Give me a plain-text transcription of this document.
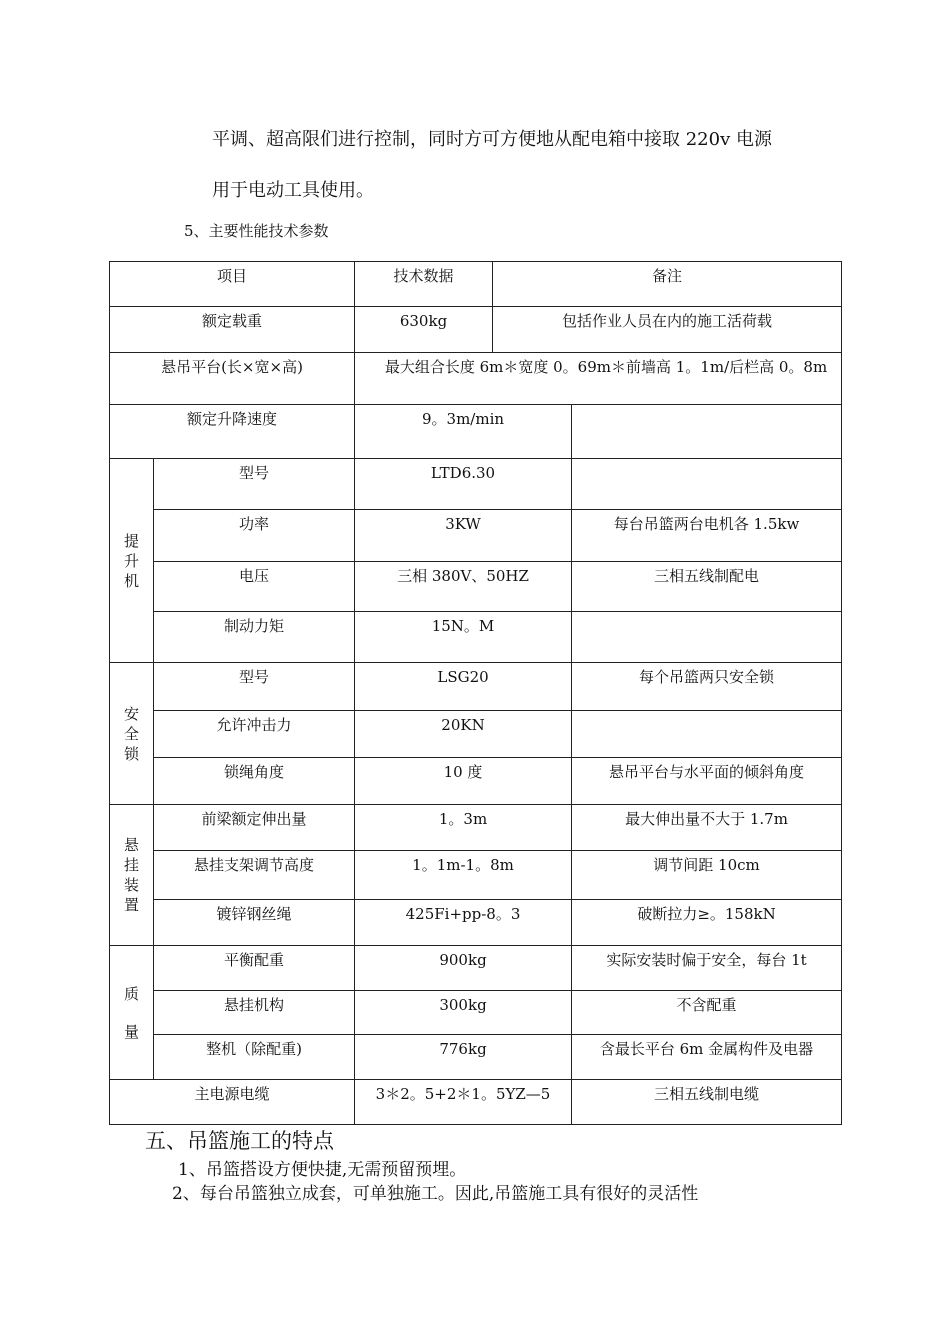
平调、超高限们进行控制，同时方可方便地从配电箱中接取 220v 电源
用于电动工具使用。
5、主要性能技术参数
项目		技术数据	备注	

额定载重		630kg	包括作业人员在内的施工活荷载	

悬吊平台(长×宽×高)		最大组合长度 6m＊宽度 0。69m＊前墙高 1。1m/后栏高 0。8m		

额定升降速度		9。3m/min		

提
升
机	型号	LTD6.30		

	功率	3KW		每台吊篮两台电机各 1.5kw

	电压	三相 380V、50HZ		三相五线制配电

	制动力矩	15N。M		

安
全
锁	型号	LSG20		每个吊篮两只安全锁

	允许冲击力	20KN		

	锁绳角度	10 度		悬吊平台与水平面的倾斜角度

悬
挂
装
置	前梁额定伸出量	1。3m		最大伸出量不大于 1.7m

	悬挂支架调节高度	1。1m-1。8m		调节间距 10cm

	镀锌钢丝绳	425Fi+pp-8。3		破断拉力≥。158kN

质
量	平衡配重	900kg		实际安装时偏于安全，每台 1t

	悬挂机构	300kg		不含配重

	整机（除配重)	776kg		含最长平台 6m 金属构件及电器

主电源电缆		3＊2。5+2＊1。5YZ—5		三相五线制电缆
五、吊篮施工的特点
1、吊篮搭设方便快捷,无需预留预埋。
2、每台吊篮独立成套，可单独施工。因此,吊篮施工具有很好的灵活性
